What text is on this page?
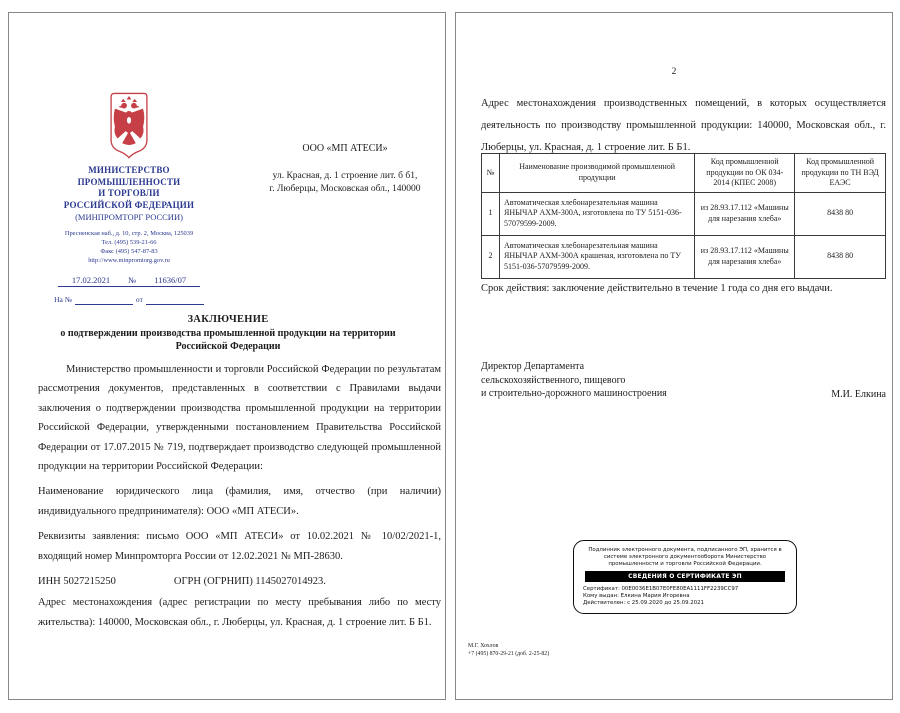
МИНИСТЕРСТВО
ПРОМЫШЛЕННОСТИ
И ТОРГОВЛИ
РОССИЙСКОЙ ФЕДЕРАЦИИ
(МИНПРОМТОРГ РОССИИ)
Пресненская наб., д. 10, стр. 2, Москва, 125039
Тел. (495) 539-21-66
Факс (495) 547-87-83
http://www.minpromtorg.gov.ru
17.02.2021	№	11636/07
На №	от
ООО «МП АТЕСИ»
ул. Красная, д. 1 строение лит. б б1,
г. Люберцы, Московская обл., 140000
ЗАКЛЮЧЕНИЕ
о подтверждении производства промышленной продукции на территории Российской Федерации

Министерство промышленности и торговли Российской Федерации по результатам рассмотрения документов, представленных в соответствии с Правилами выдачи заключения о подтверждении производства промышленной продукции на территории Российской Федерации, утвержденными постановлением Правительства Российской Федерации от 17.07.2015 № 719, подтверждает производство следующей промышленной продукции на территории Российской Федерации:

Наименование юридического лица (фамилия, имя, отчество (при наличии) индивидуального предпринимателя): ООО «МП АТЕСИ».

Реквизиты заявления: письмо ООО «МП АТЕСИ» от 10.02.2021 № 10/02/2021-1, входящий номер Минпромторга России от 12.02.2021 № МП-28630.

ИНН 5027215250	ОГРН (ОГРНИП) 1145027014923.

Адрес местонахождения (адрес регистрации по месту пребывания либо по месту жительства): 140000, Московская обл., г. Люберцы, ул. Красная, д. 1 строение лит. Б Б1.

2

Адрес местонахождения производственных помещений, в которых осуществляется деятельность по производству промышленной продукции: 140000, Московская обл., г. Люберцы, ул. Красная, д. 1 строение лит. Б Б1.

№	Наименование производимой промышленной продукции	Код промышленной продукции по ОК 034-2014 (КПЕС 2008)	Код промышленной продукции по ТН ВЭД ЕАЭС
1	Автоматическая хлебонарезательная машина ЯНЫЧАР АХМ-300А, изготовлена по ТУ 5151-036-57079599-2009.	из 28.93.17.112 «Машины для нарезания хлеба»	8438 80
2	Автоматическая хлебонарезательная машина ЯНЫЧАР АХМ-300А крашеная, изготовлена по ТУ 5151-036-57079599-2009.	из 28.93.17.112 «Машины для нарезания хлеба»	8438 80
Срок действия: заключение действительно в течение 1 года со дня его выдачи.
Директор Департамента
сельскохозяйственного, пищевого
и строительно-дорожного машиностроения	М.И. Елкина
Подлинник электронного документа, подписанного ЭП, хранится в системе электронного документооборота Министерство промышленности и торговли Российской Федерации.
СВЕДЕНИЯ О СЕРТИФИКАТЕ ЭП
Сертификат: 00E0036E1B07E0FE80EA1111FF2239CC97
Кому выдан: Елкина Мария Игоревна
Действителен: с 25.09.2020 до 25.09.2021
М.Г. Хохлов
+7 (495) 870-29-21 (доб. 2-25-82)
